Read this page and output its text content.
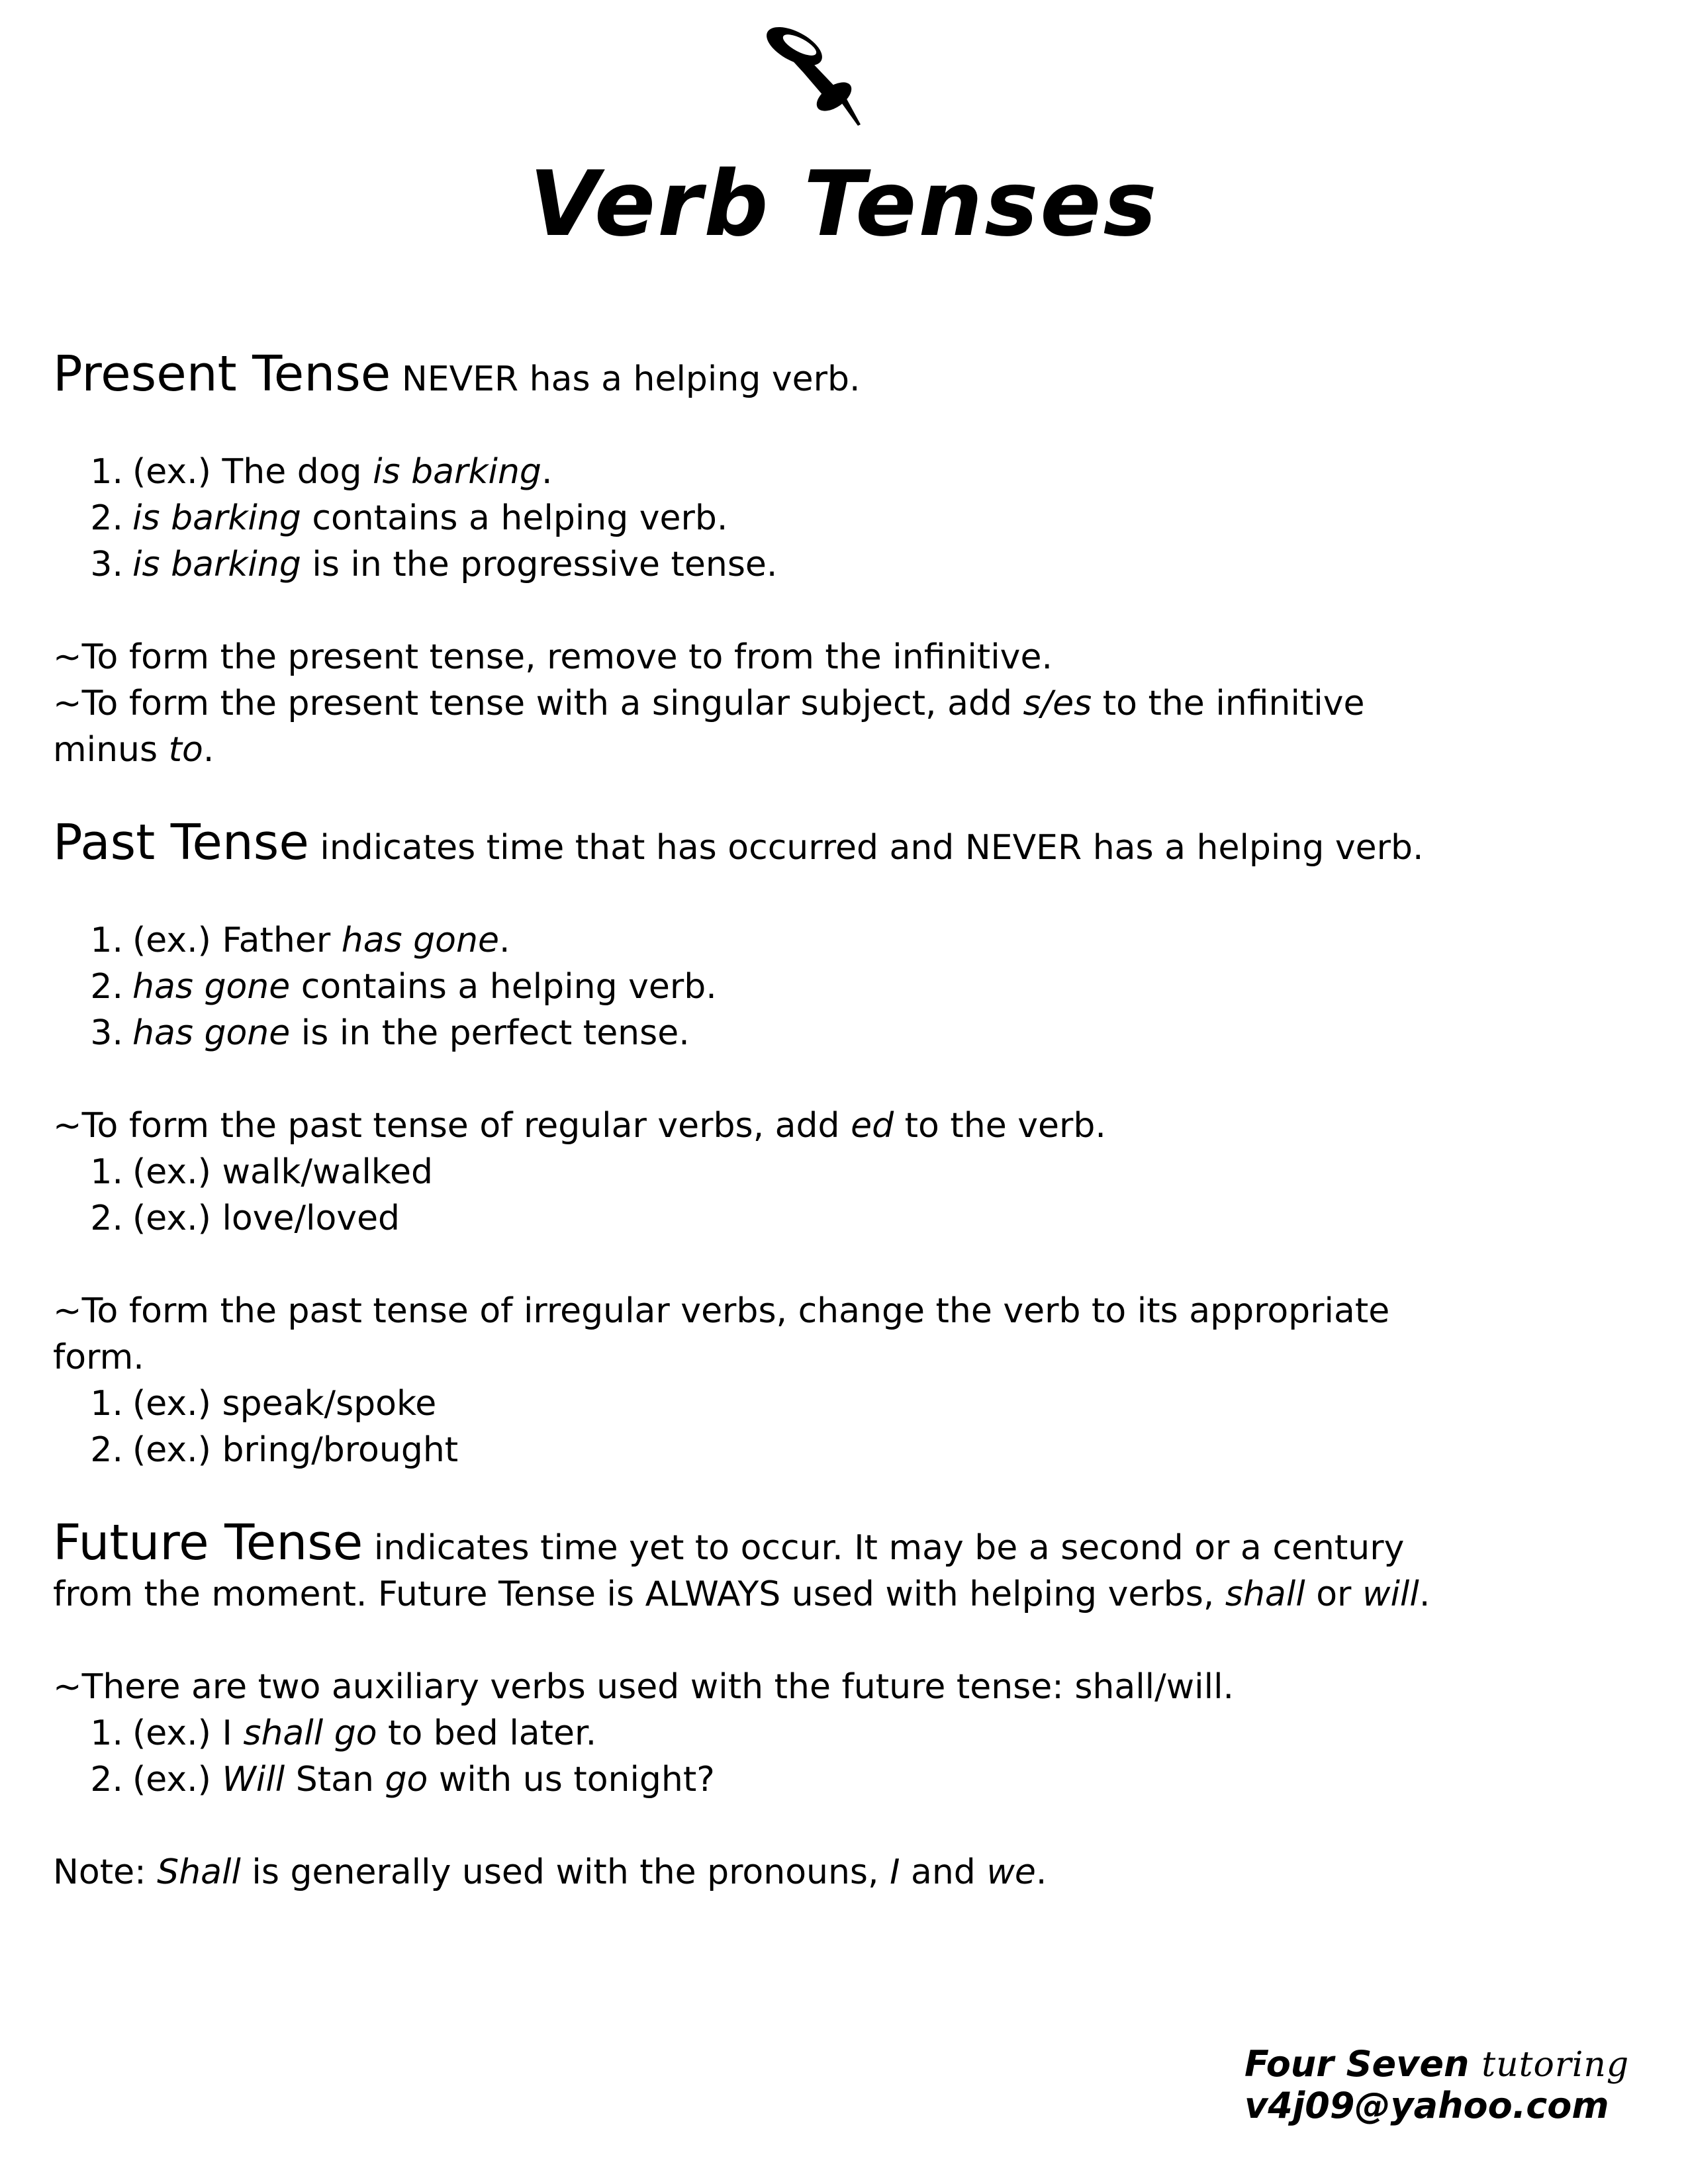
Verb Tenses

Present Tense NEVER has a helping verb.

1. (ex.) The dog is barking.

2. is barking contains a helping verb.

3. is barking is in the progressive tense.

~To form the present tense, remove to from the infinitive.

~To form the present tense with a singular subject, add s/es to the infinitive

minus to.

Past Tense indicates time that has occurred and NEVER has a helping verb.

1. (ex.) Father has gone.

2. has gone contains a helping verb.

3. has gone is in the perfect tense.

~To form the past tense of regular verbs, add ed to the verb.

1. (ex.) walk/walked

2. (ex.) love/loved

~To form the past tense of irregular verbs, change the verb to its appropriate

form.

1. (ex.) speak/spoke

2. (ex.) bring/brought

Future Tense indicates time yet to occur. It may be a second or a century

from the moment. Future Tense is ALWAYS used with helping verbs, shall or will.

~There are two auxiliary verbs used with the future tense: shall/will.

1. (ex.) I shall go to bed later.

2. (ex.) Will Stan go with us tonight?

Note: Shall is generally used with the pronouns, I and we.

Four Seven tutoring
v4j09@yahoo.com
